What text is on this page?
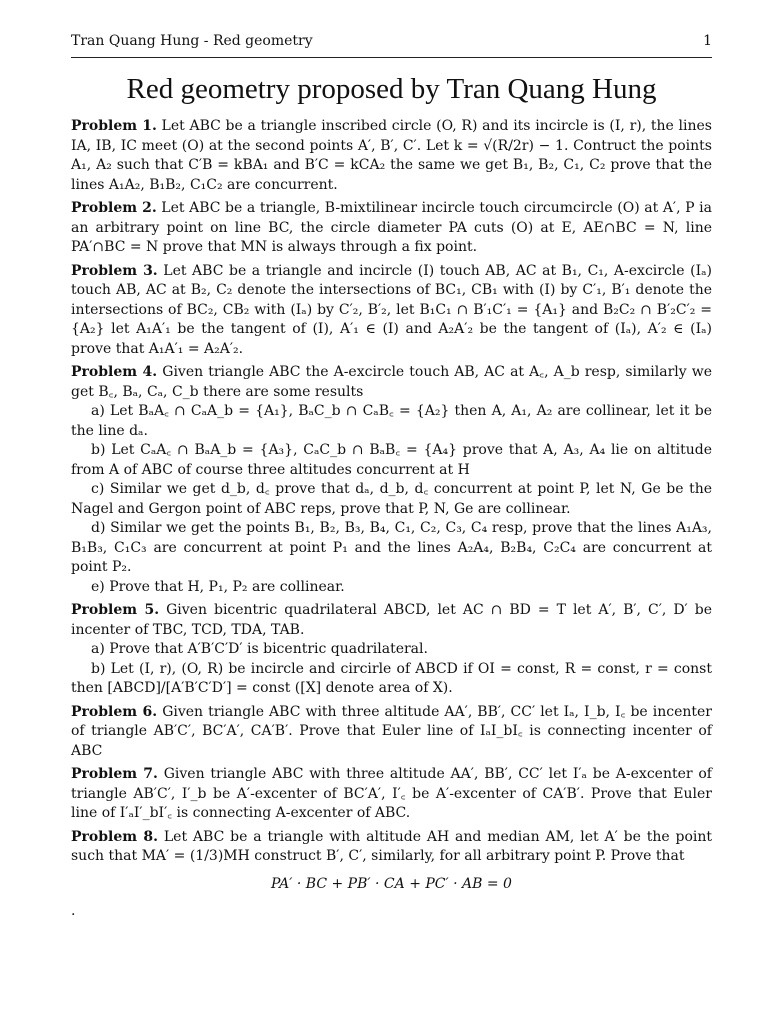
Tran Quang Hung - Red geometry	1
Red geometry proposed by Tran Quang Hung

Problem 1. Let ABC be a triangle inscribed circle (O, R) and its incircle is (I, r), the lines IA, IB, IC meet (O) at the second points A′, B′, C′. Let k = √(R/2r) − 1. Contruct the points A₁, A₂ such that C′B = kBA₁ and B′C = kCA₂ the same we get B₁, B₂, C₁, C₂ prove that the lines A₁A₂, B₁B₂, C₁C₂ are concurrent.

Problem 2. Let ABC be a triangle, B-mixtilinear incircle touch circumcircle (O) at A′, P ia an arbitrary point on line BC, the circle diameter PA cuts (O) at E, AE∩BC = N, line PA′∩BC = N prove that MN is always through a fix point.

Problem 3. Let ABC be a triangle and incircle (I) touch AB, AC at B₁, C₁, A-excircle (Iₐ) touch AB, AC at B₂, C₂ denote the intersections of BC₁, CB₁ with (I) by C′₁, B′₁ denote the intersections of BC₂, CB₂ with (Iₐ) by C′₂, B′₂, let B₁C₁ ∩ B′₁C′₁ = {A₁} and B₂C₂ ∩ B′₂C′₂ = {A₂} let A₁A′₁ be the tangent of (I), A′₁ ∈ (I) and A₂A′₂ be the tangent of (Iₐ), A′₂ ∈ (Iₐ) prove that A₁A′₁ = A₂A′₂.

Problem 4. Given triangle ABC the A-excircle touch AB, AC at A꜀, A_b resp, similarly we get B꜀, Bₐ, Cₐ, C_b there are some results
a) Let BₐA꜀ ∩ CₐA_b = {A₁}, BₐC_b ∩ CₐB꜀ = {A₂} then A, A₁, A₂ are collinear, let it be the line dₐ.
b) Let CₐA꜀ ∩ BₐA_b = {A₃}, CₐC_b ∩ BₐB꜀ = {A₄} prove that A, A₃, A₄ lie on altitude from A of ABC of course three altitudes concurrent at H
c) Similar we get d_b, d꜀ prove that dₐ, d_b, d꜀ concurrent at point P, let N, Ge be the Nagel and Gergon point of ABC reps, prove that P, N, Ge are collinear.
d) Similar we get the points B₁, B₂, B₃, B₄, C₁, C₂, C₃, C₄ resp, prove that the lines A₁A₃, B₁B₃, C₁C₃ are concurrent at point P₁ and the lines A₂A₄, B₂B₄, C₂C₄ are concurrent at point P₂.
e) Prove that H, P₁, P₂ are collinear.

Problem 5. Given bicentric quadrilateral ABCD, let AC ∩ BD = T let A′, B′, C′, D′ be incenter of TBC, TCD, TDA, TAB.
a) Prove that A′B′C′D′ is bicentric quadrilateral.
b) Let (I, r), (O, R) be incircle and circirle of ABCD if OI = const, R = const, r = const then [ABCD]/[A′B′C′D′] = const ([X] denote area of X).

Problem 6. Given triangle ABC with three altitude AA′, BB′, CC′ let Iₐ, I_b, I꜀ be incenter of triangle AB′C′, BC′A′, CA′B′. Prove that Euler line of IₐI_bI꜀ is connecting incenter of ABC

Problem 7. Given triangle ABC with three altitude AA′, BB′, CC′ let I′ₐ be A-excenter of triangle AB′C′, I′_b be A′-excenter of BC′A′, I′꜀ be A′-excenter of CA′B′. Prove that Euler line of I′ₐI′_bI′꜀ is connecting A-excenter of ABC.

Problem 8. Let ABC be a triangle with altitude AH and median AM, let A′ be the point such that MA′ = (1/3)MH construct B′, C′, similarly, for all arbitrary point P. Prove that

PA′ · BC + PB′ · CA + PC′ · AB = 0
.
